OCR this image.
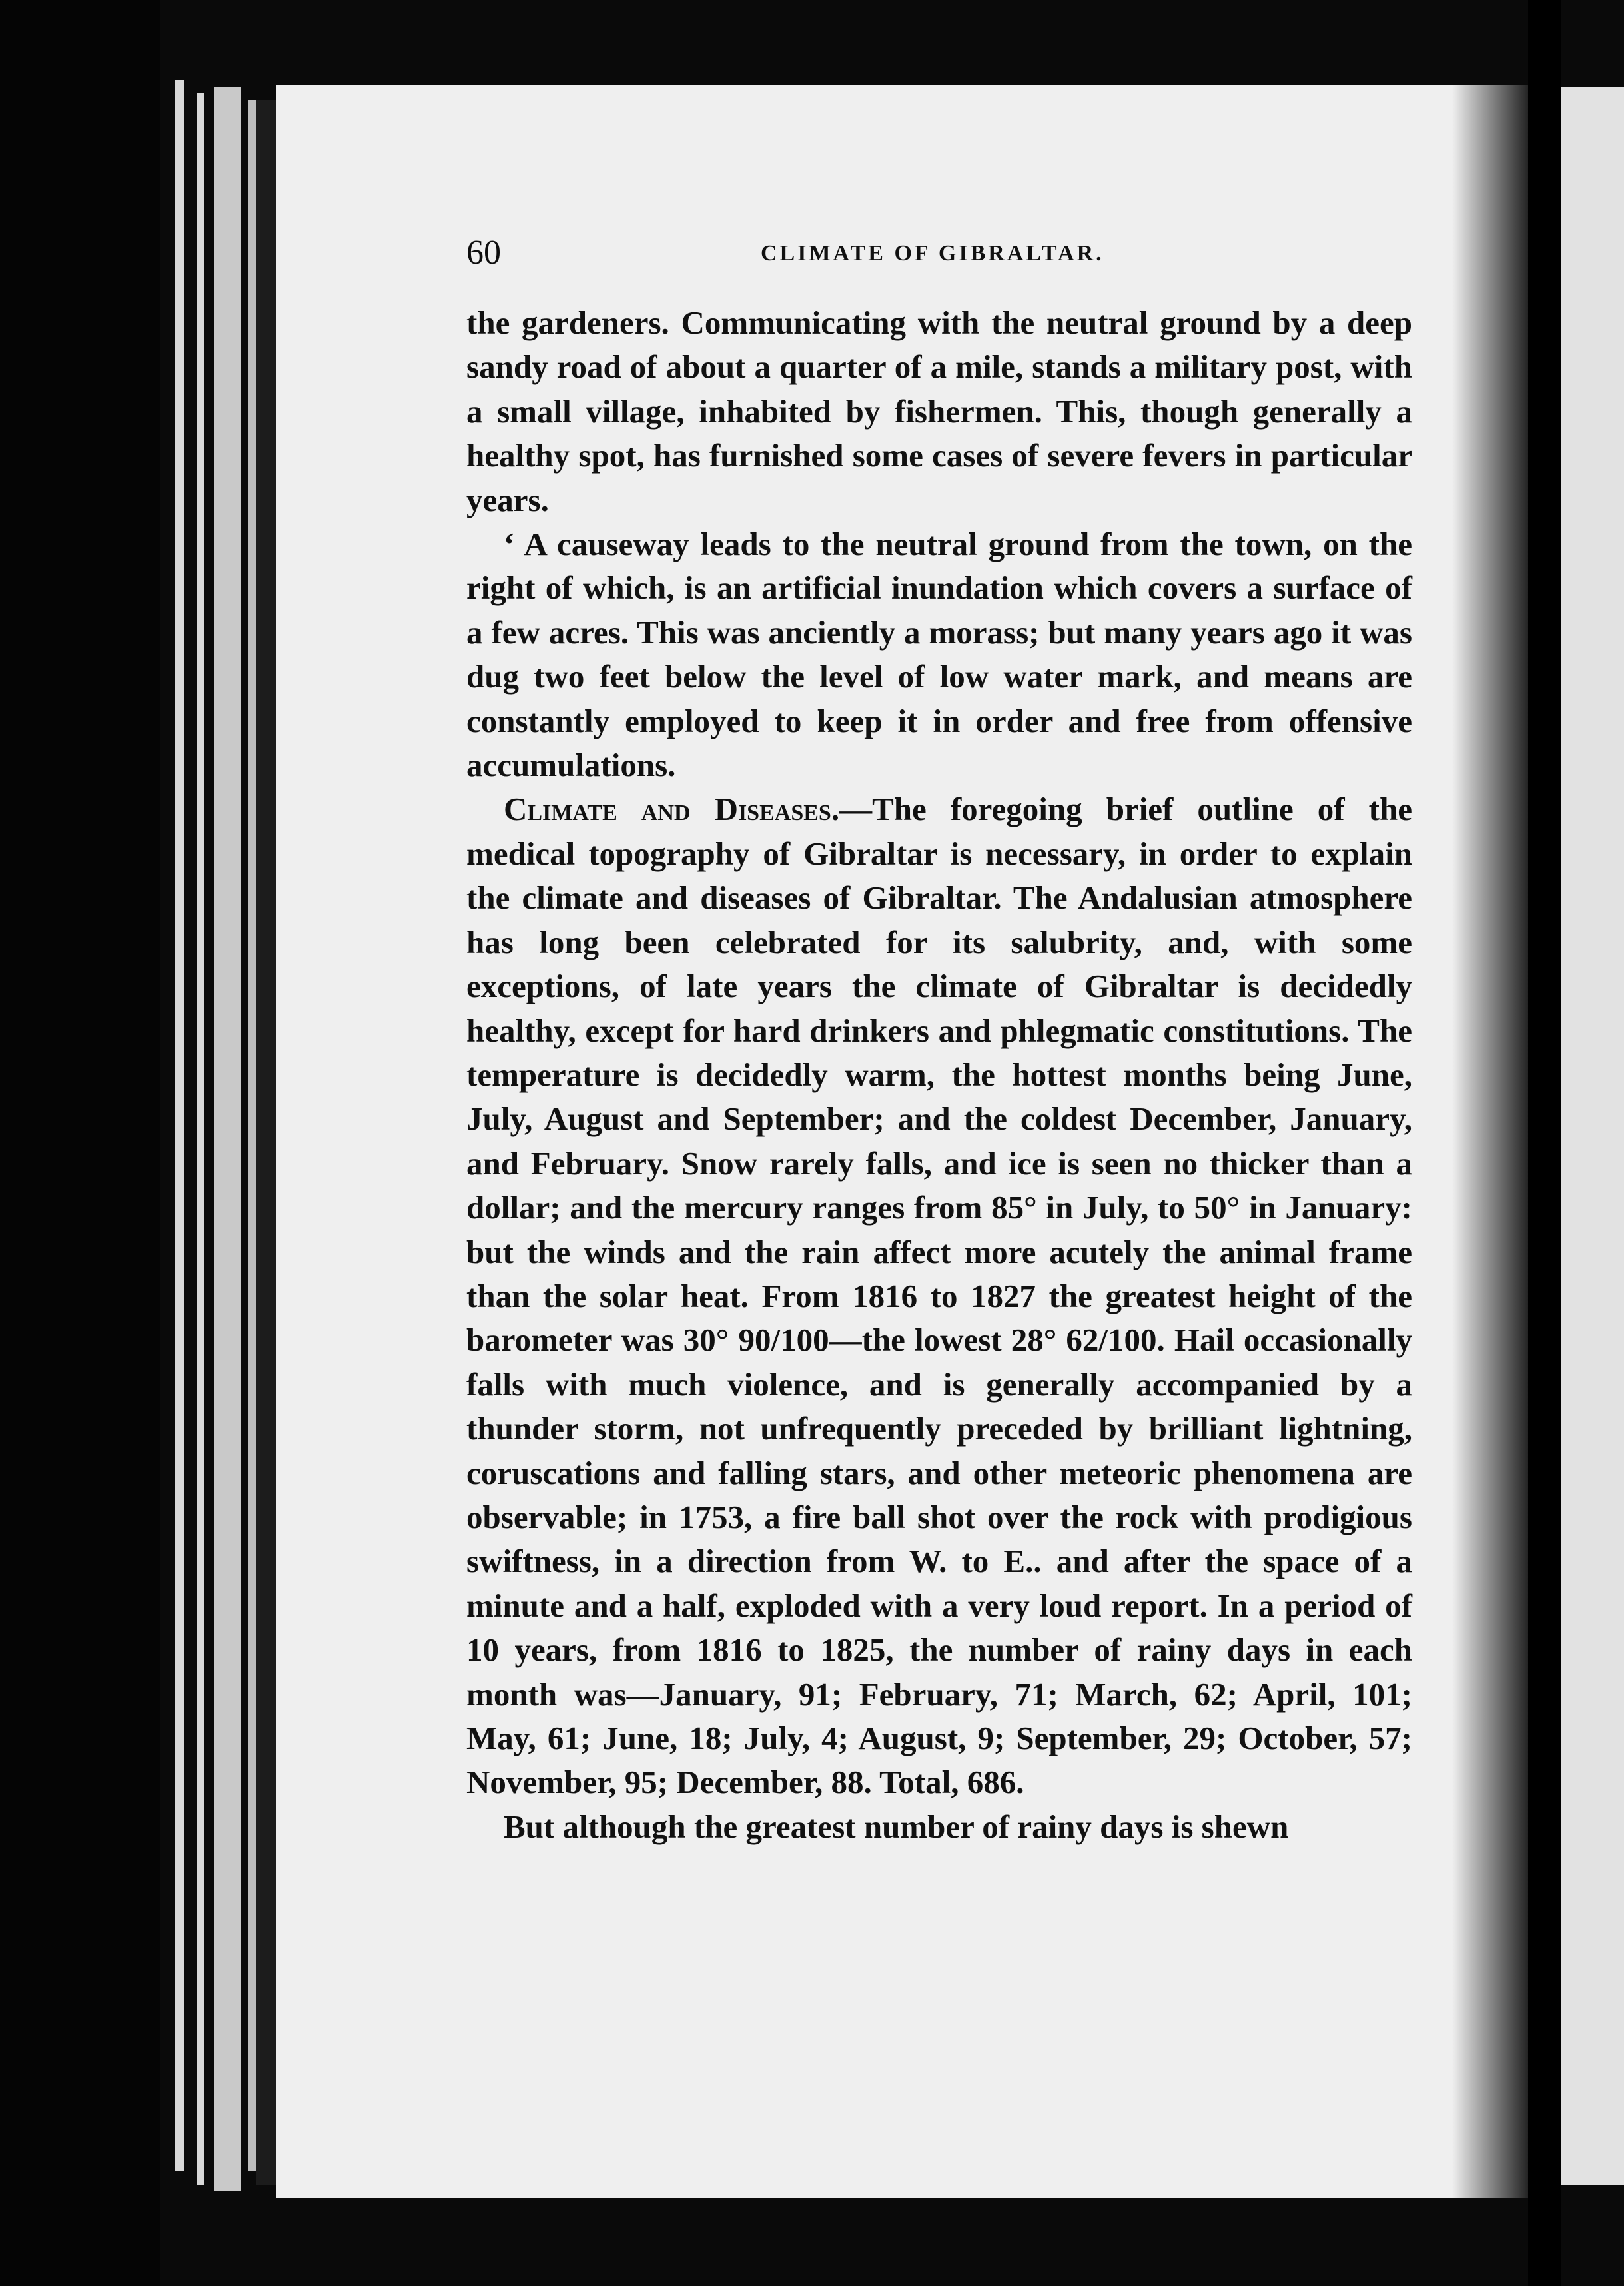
60	CLIMATE OF GIBRALTAR.

the gardeners. Communicating with the neutral ground by a deep sandy road of about a quarter of a mile, stands a military post, with a small village, inhabited by fishermen. This, though generally a healthy spot, has furnished some cases of severe fevers in particular years.

‘ A causeway leads to the neutral ground from the town, on the right of which, is an artificial inundation which covers a surface of a few acres. This was anciently a morass; but many years ago it was dug two feet below the level of low water mark, and means are constantly employed to keep it in order and free from offensive accumulations.

Climate and Diseases.—The foregoing brief outline of the medical topography of Gibraltar is necessary, in order to explain the climate and diseases of Gibraltar. The Andalusian atmosphere has long been celebrated for its salubrity, and, with some exceptions, of late years the climate of Gibraltar is decidedly healthy, except for hard drinkers and phlegmatic constitutions. The temperature is decidedly warm, the hottest months being June, July, August and September; and the coldest December, January, and February. Snow rarely falls, and ice is seen no thicker than a dollar; and the mercury ranges from 85° in July, to 50° in January: but the winds and the rain affect more acutely the animal frame than the solar heat. From 1816 to 1827 the greatest height of the barometer was 30° 90/100—the lowest 28° 62/100. Hail occasionally falls with much violence, and is generally accompanied by a thunder storm, not unfrequently preceded by brilliant lightning, coruscations and falling stars, and other meteoric phenomena are observable; in 1753, a fire ball shot over the rock with prodigious swiftness, in a direction from W. to E.. and after the space of a minute and a half, exploded with a very loud report. In a period of 10 years, from 1816 to 1825, the number of rainy days in each month was—January, 91; February, 71; March, 62; April, 101; May, 61; June, 18; July, 4; August, 9; September, 29; October, 57; November, 95; December, 88. Total, 686.

But although the greatest number of rainy days is shewn
